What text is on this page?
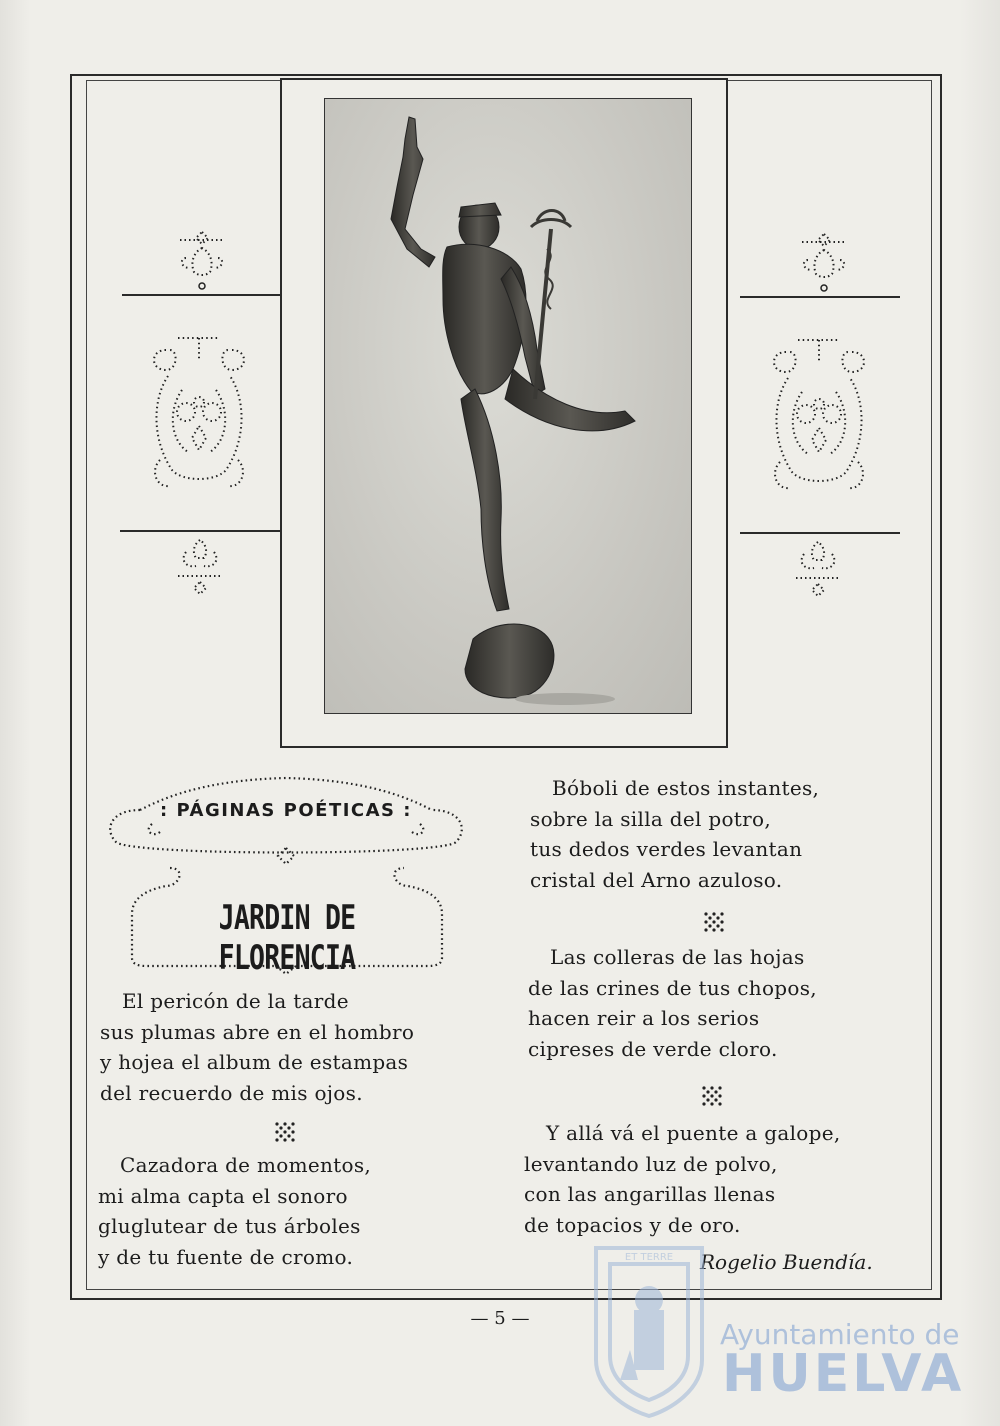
: PÁGINAS POÉTICAS :
JARDIN DE FLORENCIA
El pericón de la tarde
sus plumas abre en el hombro
y hojea el album de estampas
del recuerdo de mis ojos.
Cazadora de momentos,
mi alma capta el sonoro
gluglutear de tus árboles
y de tu fuente de cromo.
Bóboli de estos instantes,
sobre la silla del potro,
tus dedos verdes levantan
cristal del Arno azuloso.
Las colleras de las hojas
de las crines de tus chopos,
hacen reir a los serios
cipreses de verde cloro.
Y allá vá el puente a galope,
levantando luz de polvo,
con las angarillas llenas
de topacios y de oro.
Rogelio Buendía.
— 5 —
ET TERRE
Ayuntamiento de
HUELVA
